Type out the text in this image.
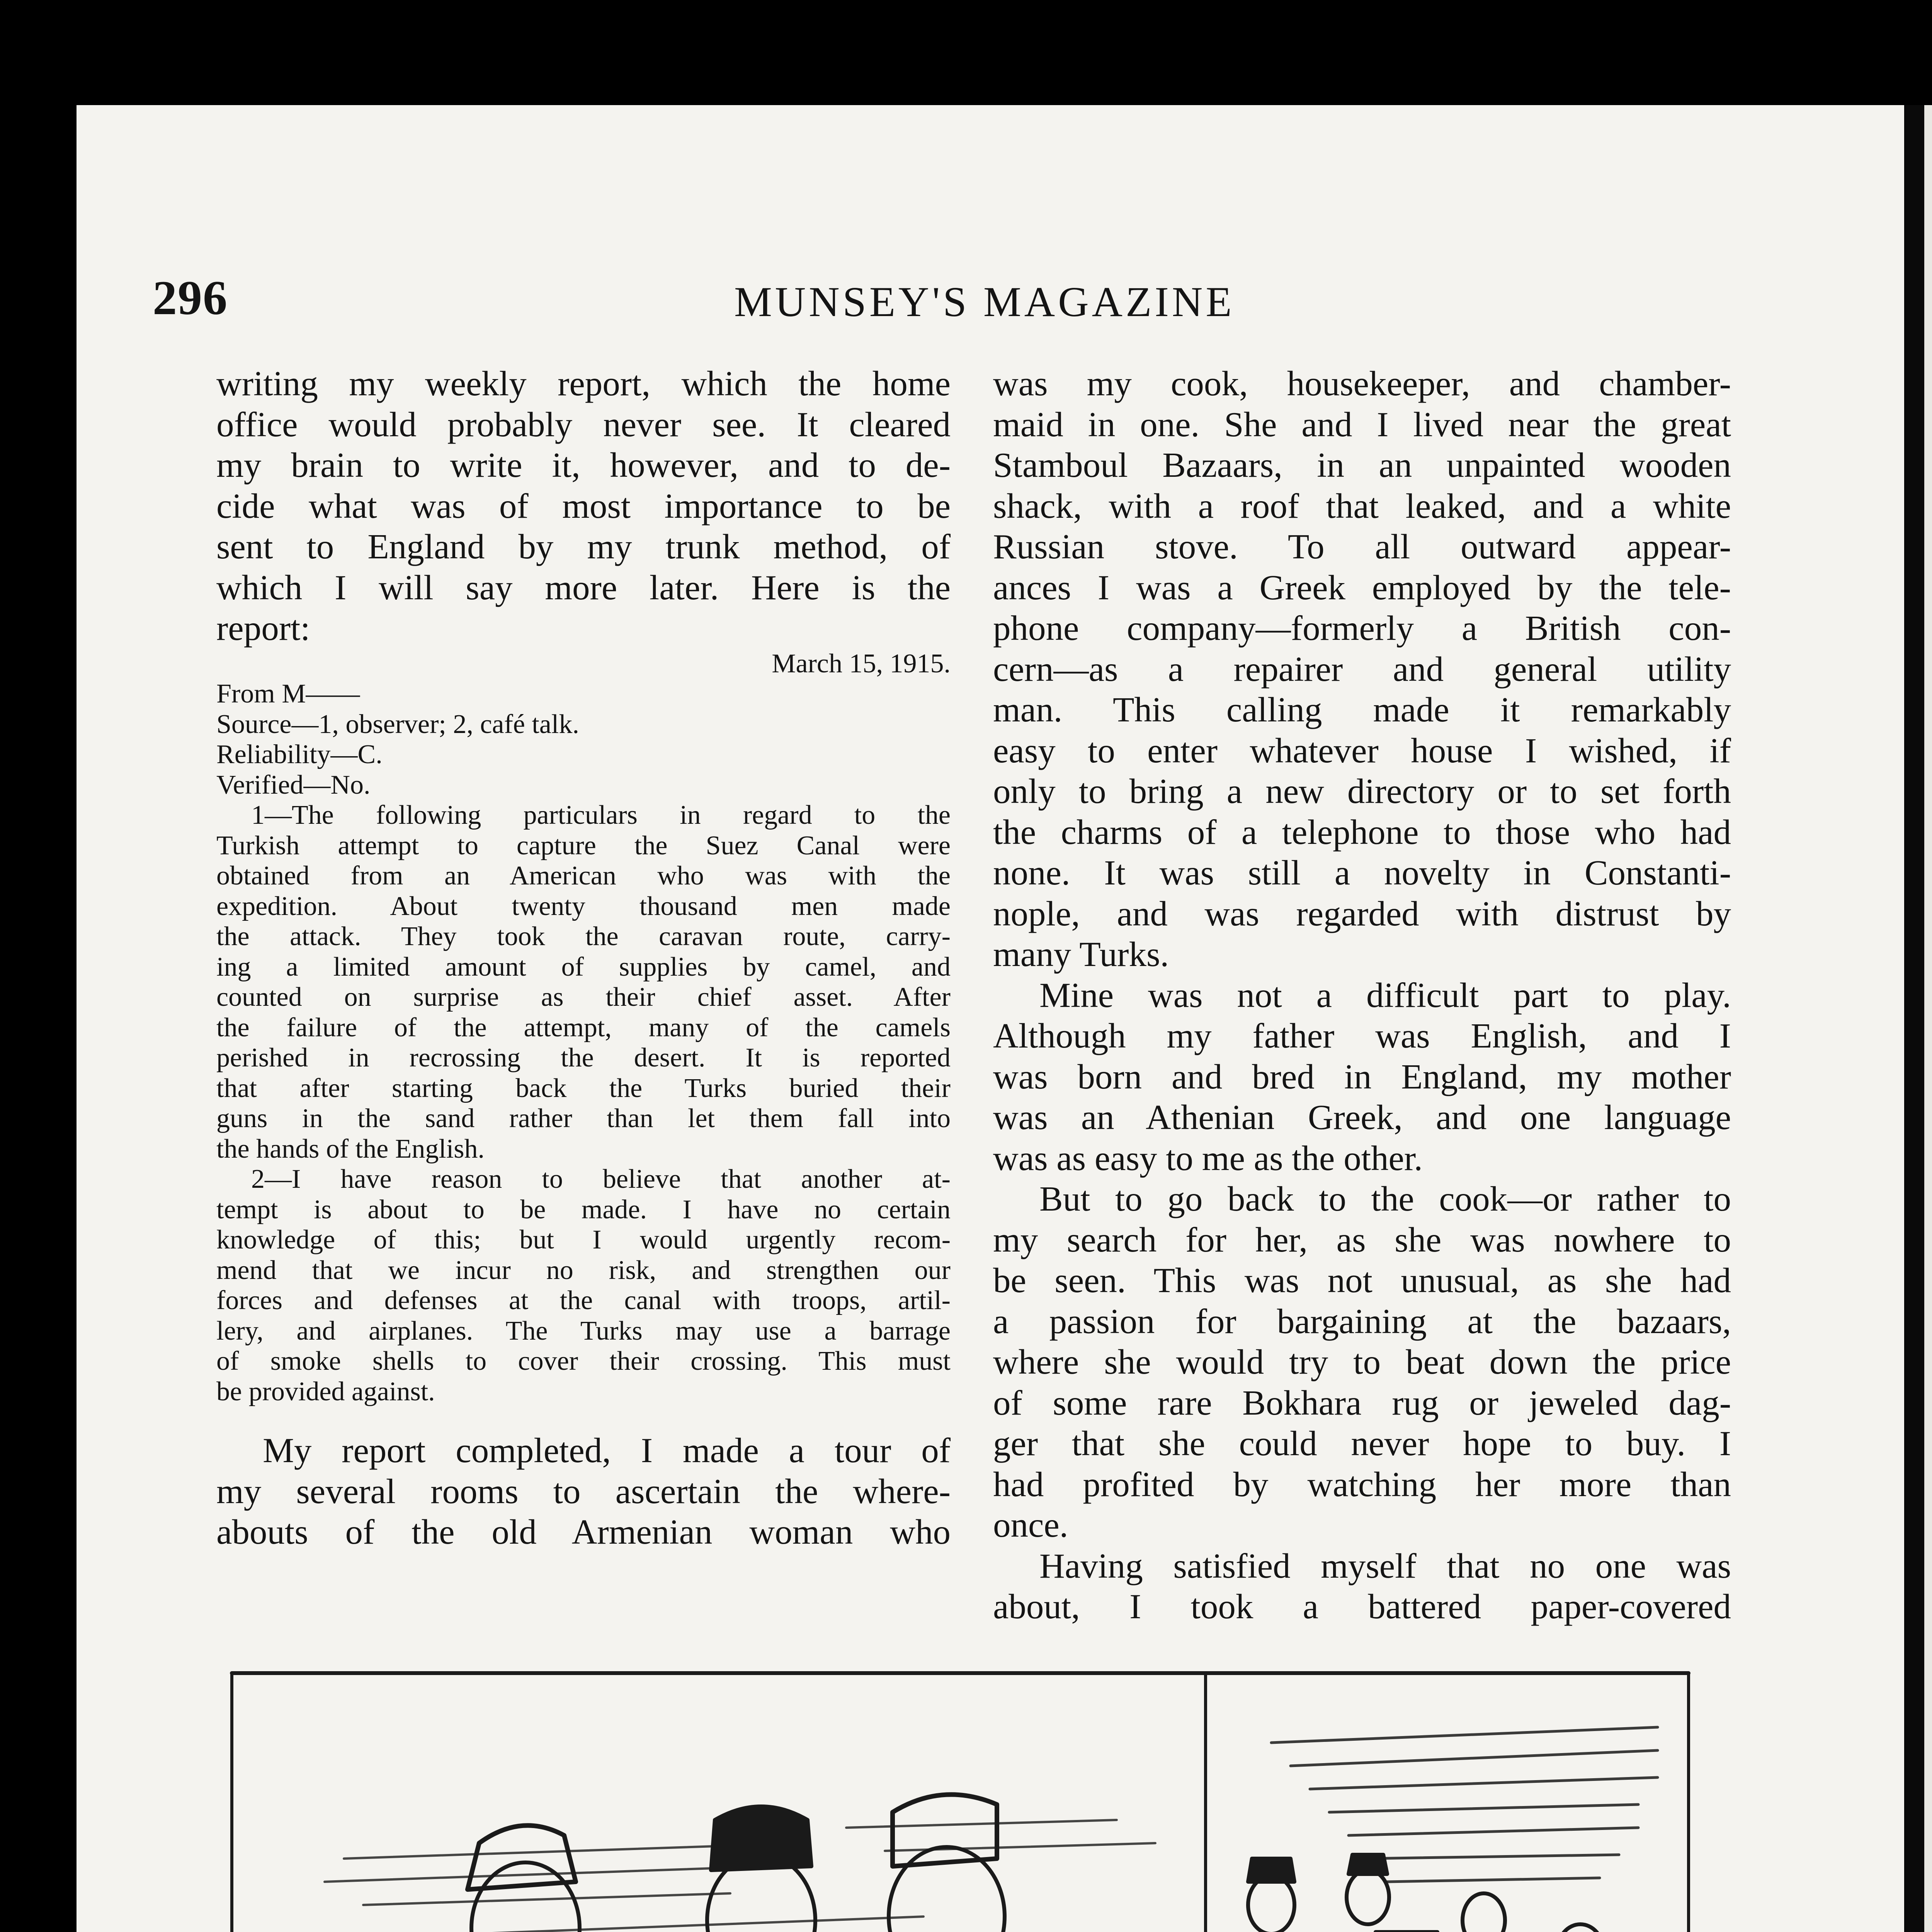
296	MUNSEY'S MAGAZINE
writing my weekly report, which the home
office would probably never see. It cleared
my brain to write it, however, and to de-
cide what was of most importance to be
sent to England by my trunk method, of
which I will say more later. Here is the
report:
March 15, 1915.
From M——
Source—1, observer; 2, café talk.
Reliability—C.
Verified—No.
1—The following particulars in regard to the
Turkish attempt to capture the Suez Canal were
obtained from an American who was with the
expedition. About twenty thousand men made
the attack. They took the caravan route, carry-
ing a limited amount of supplies by camel, and
counted on surprise as their chief asset. After
the failure of the attempt, many of the camels
perished in recrossing the desert. It is reported
that after starting back the Turks buried their
guns in the sand rather than let them fall into
the hands of the English.
2—I have reason to believe that another at-
tempt is about to be made. I have no certain
knowledge of this; but I would urgently recom-
mend that we incur no risk, and strengthen our
forces and defenses at the canal with troops, artil-
lery, and airplanes. The Turks may use a barrage
of smoke shells to cover their crossing. This must
be provided against.
My report completed, I made a tour of
my several rooms to ascertain the where-
abouts of the old Armenian woman who
was my cook, housekeeper, and chamber-
maid in one. She and I lived near the great
Stamboul Bazaars, in an unpainted wooden
shack, with a roof that leaked, and a white
Russian stove. To all outward appear-
ances I was a Greek employed by the tele-
phone company—formerly a British con-
cern—as a repairer and general utility
man. This calling made it remarkably
easy to enter whatever house I wished, if
only to bring a new directory or to set forth
the charms of a telephone to those who had
none. It was still a novelty in Constanti-
nople, and was regarded with distrust by
many Turks.
Mine was not a difficult part to play.
Although my father was English, and I
was born and bred in England, my mother
was an Athenian Greek, and one language
was as easy to me as the other.
But to go back to the cook—or rather to
my search for her, as she was nowhere to
be seen. This was not unusual, as she had
a passion for bargaining at the bazaars,
where she would try to beat down the price
of some rare Bokhara rug or jeweled dag-
ger that she could never hope to buy. I
had profited by watching her more than
once.
Having satisfied myself that no one was
about, I took a battered paper-covered
